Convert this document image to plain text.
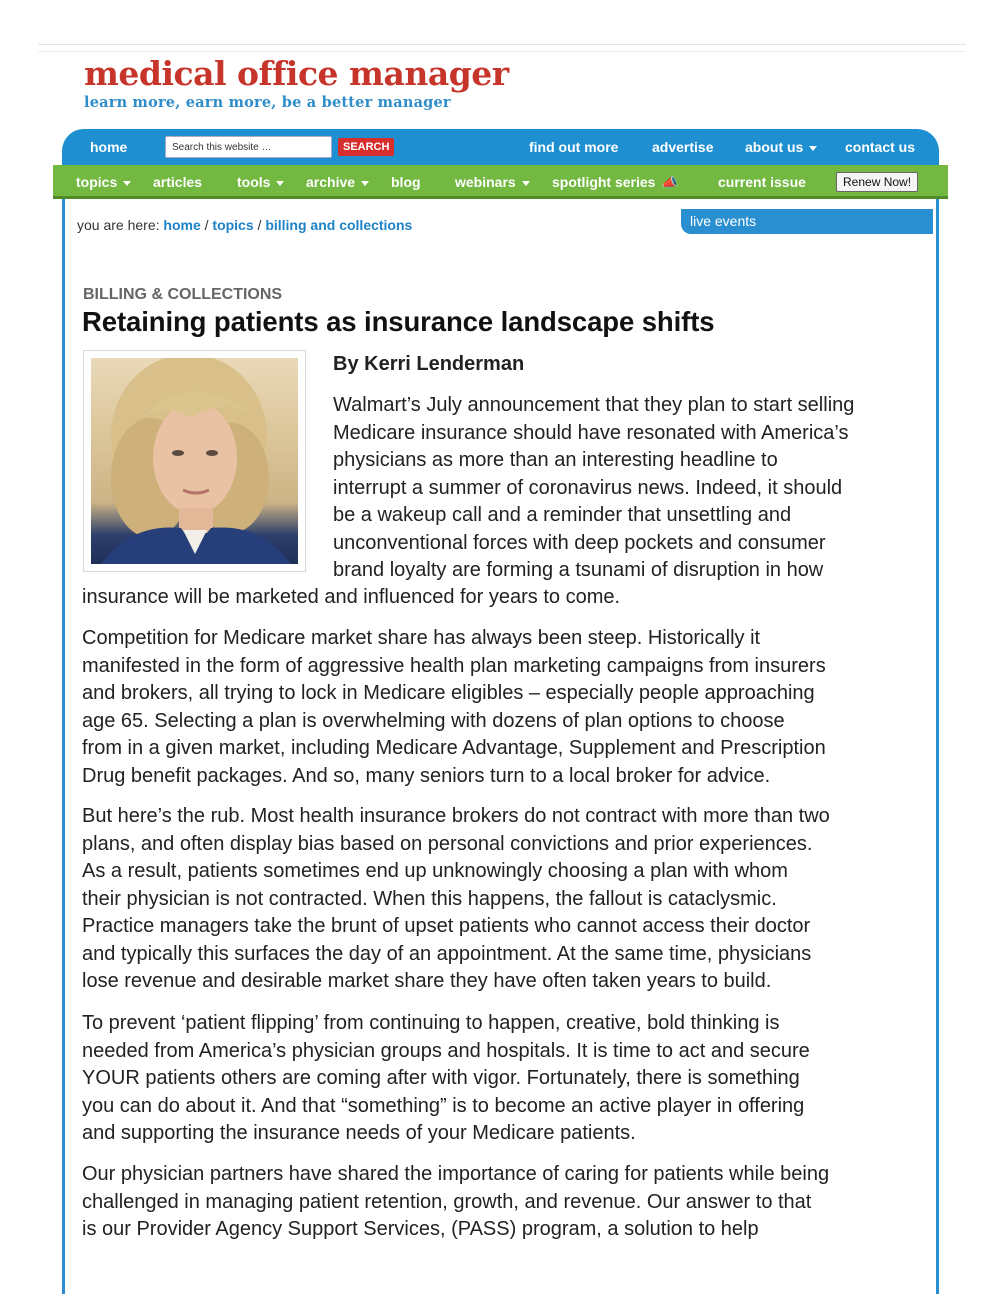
medical office manager
learn more, earn more, be a better manager
home	Search this website …	SEARCH	find out more advertise about us	contact us
topics	articles tools	archive	blog webinars	spotlight series 📣	current issue	Renew Now!
live events
you are here: home / topics / billing and collections
BILLING & COLLECTIONS
Retaining patients as insurance landscape shifts
By Kerri Lenderman
Walmart’s July announcement that they plan to start selling
Medicare insurance should have resonated with America’s
physicians as more than an interesting headline to
interrupt a summer of coronavirus news. Indeed, it should
be a wakeup call and a reminder that unsettling and
unconventional forces with deep pockets and consumer
brand loyalty are forming a tsunami of disruption in how
insurance will be marketed and influenced for years to come.
Competition for Medicare market share has always been steep. Historically it
manifested in the form of aggressive health plan marketing campaigns from insurers
and brokers, all trying to lock in Medicare eligibles – especially people approaching
age 65. Selecting a plan is overwhelming with dozens of plan options to choose
from in a given market, including Medicare Advantage, Supplement and Prescription
Drug benefit packages. And so, many seniors turn to a local broker for advice.
But here’s the rub. Most health insurance brokers do not contract with more than two
plans, and often display bias based on personal convictions and prior experiences.
As a result, patients sometimes end up unknowingly choosing a plan with whom
their physician is not contracted. When this happens, the fallout is cataclysmic.
Practice managers take the brunt of upset patients who cannot access their doctor
and typically this surfaces the day of an appointment. At the same time, physicians
lose revenue and desirable market share they have often taken years to build.
To prevent ‘patient flipping’ from continuing to happen, creative, bold thinking is
needed from America’s physician groups and hospitals. It is time to act and secure
YOUR patients others are coming after with vigor. Fortunately, there is something
you can do about it. And that “something” is to become an active player in offering
and supporting the insurance needs of your Medicare patients.
Our physician partners have shared the importance of caring for patients while being
challenged in managing patient retention, growth, and revenue. Our answer to that
is our Provider Agency Support Services, (PASS) program, a solution to help
